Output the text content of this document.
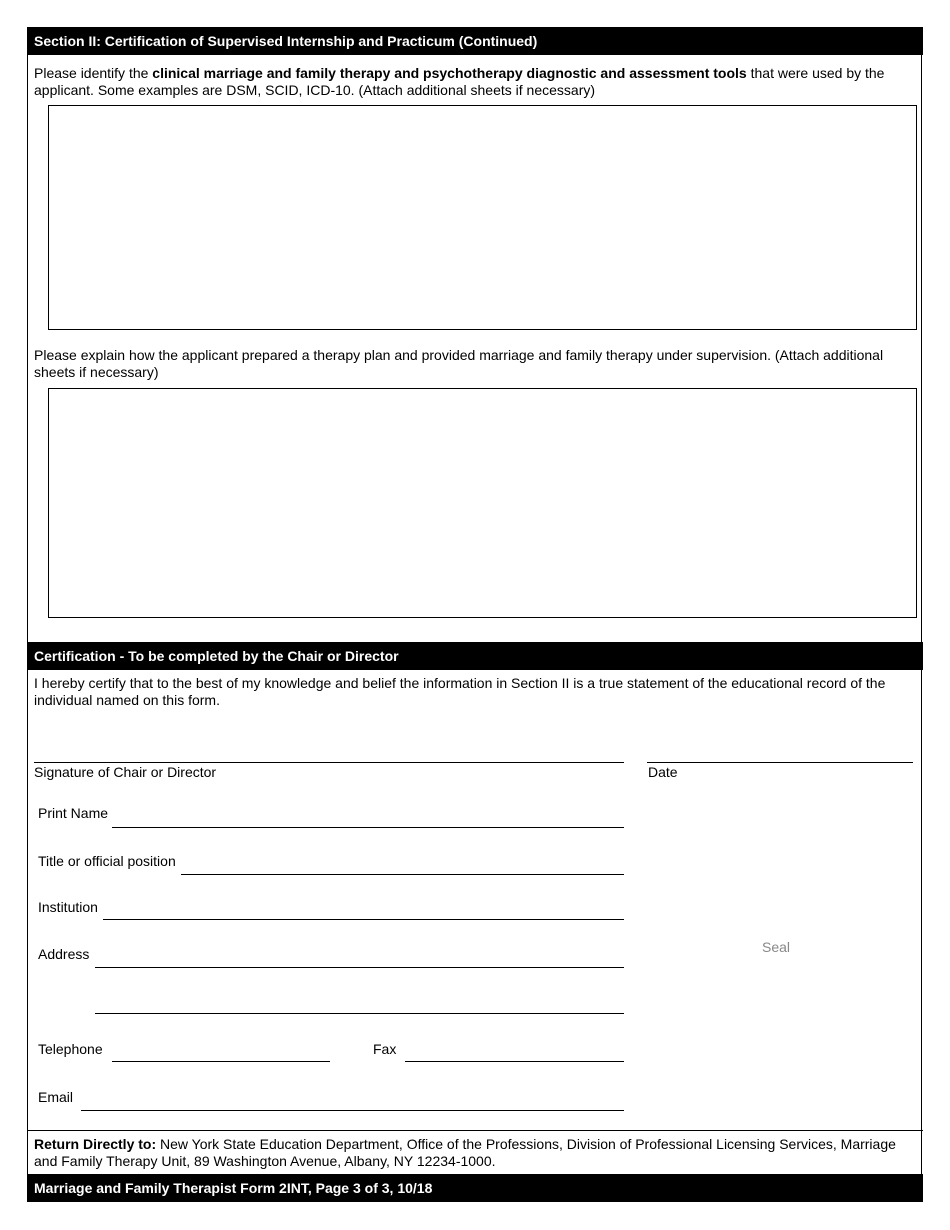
Section II: Certification of Supervised Internship and Practicum (Continued)
Please identify the clinical marriage and family therapy and psychotherapy diagnostic and assessment tools that were used by the applicant. Some examples are DSM, SCID, ICD-10. (Attach additional sheets if necessary)
Please explain how the applicant prepared a therapy plan and provided marriage and family therapy under supervision. (Attach additional sheets if necessary)
Certification - To be completed by the Chair or Director
I hereby certify that to the best of my knowledge and belief the information in Section II is a true statement of the educational record of the individual named on this form.
Signature of Chair or Director	Date
Print Name
Title or official position
Institution
Address	Seal
Telephone	Fax
Email
Return Directly to: New York State Education Department, Office of the Professions, Division of Professional Licensing Services, Marriage and Family Therapy Unit, 89 Washington Avenue, Albany, NY 12234-1000.
Marriage and Family Therapist Form 2INT, Page 3 of 3, 10/18
